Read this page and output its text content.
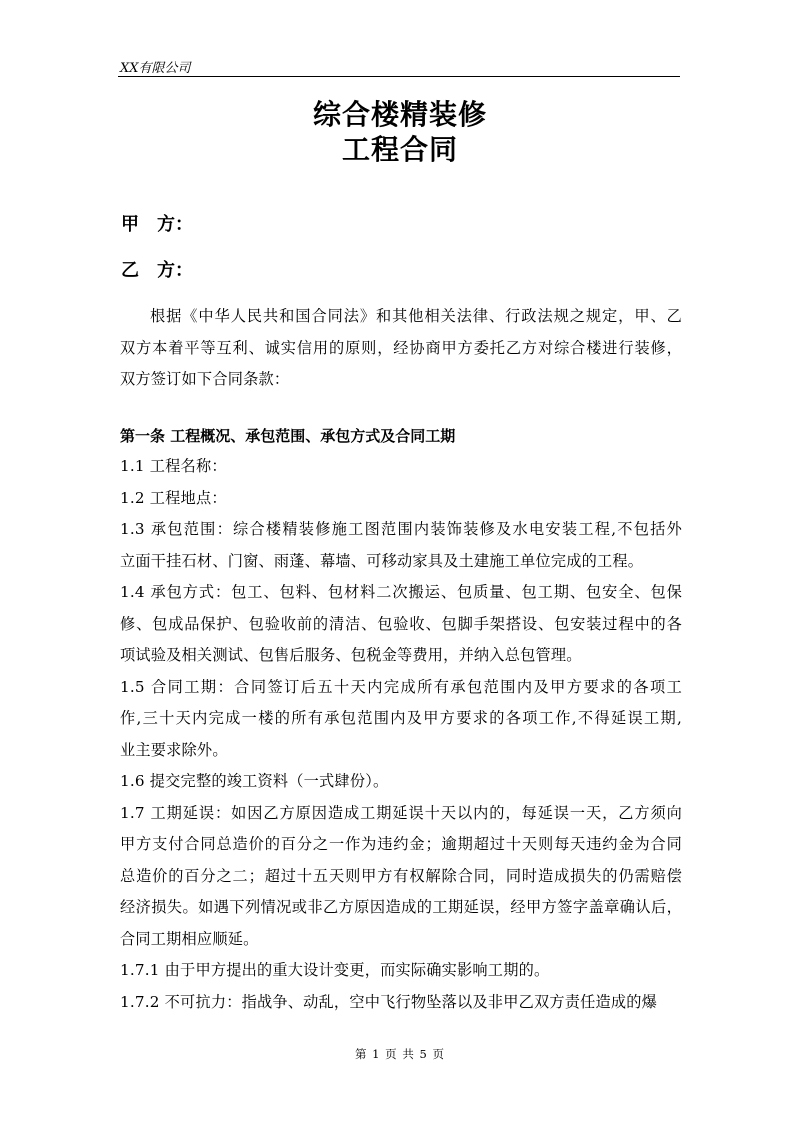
XX有限公司
综合楼精装修
工程合同
甲 方：
乙 方：
根据《中华人民共和国合同法》和其他相关法律、行政法规之规定，甲、乙
双方本着平等互利、诚实信用的原则，经协商甲方委托乙方对综合楼进行装修，
双方签订如下合同条款：
第一条 工程概况、承包范围、承包方式及合同工期
1.1 工程名称：
1.2 工程地点：
1.3 承包范围：综合楼精装修施工图范围内装饰装修及水电安装工程,不包括外
立面干挂石材、门窗、雨蓬、幕墙、可移动家具及土建施工单位完成的工程。
1.4 承包方式：包工、包料、包材料二次搬运、包质量、包工期、包安全、包保
修、包成品保护、包验收前的清洁、包验收、包脚手架搭设、包安装过程中的各
项试验及相关测试、包售后服务、包税金等费用，并纳入总包管理。
1.5 合同工期：合同签订后五十天内完成所有承包范围内及甲方要求的各项工
作,三十天内完成一楼的所有承包范围内及甲方要求的各项工作,不得延误工期,
业主要求除外。
1.6 提交完整的竣工资料（一式肆份）。
1.7 工期延误：如因乙方原因造成工期延误十天以内的，每延误一天，乙方须向
甲方支付合同总造价的百分之一作为违约金；逾期超过十天则每天违约金为合同
总造价的百分之二；超过十五天则甲方有权解除合同，同时造成损失的仍需赔偿
经济损失。如遇下列情况或非乙方原因造成的工期延误，经甲方签字盖章确认后，
合同工期相应顺延。
1.7.1 由于甲方提出的重大设计变更，而实际确实影响工期的。
1.7.2 不可抗力：指战争、动乱，空中飞行物坠落以及非甲乙双方责任造成的爆
第 1 页 共 5 页
